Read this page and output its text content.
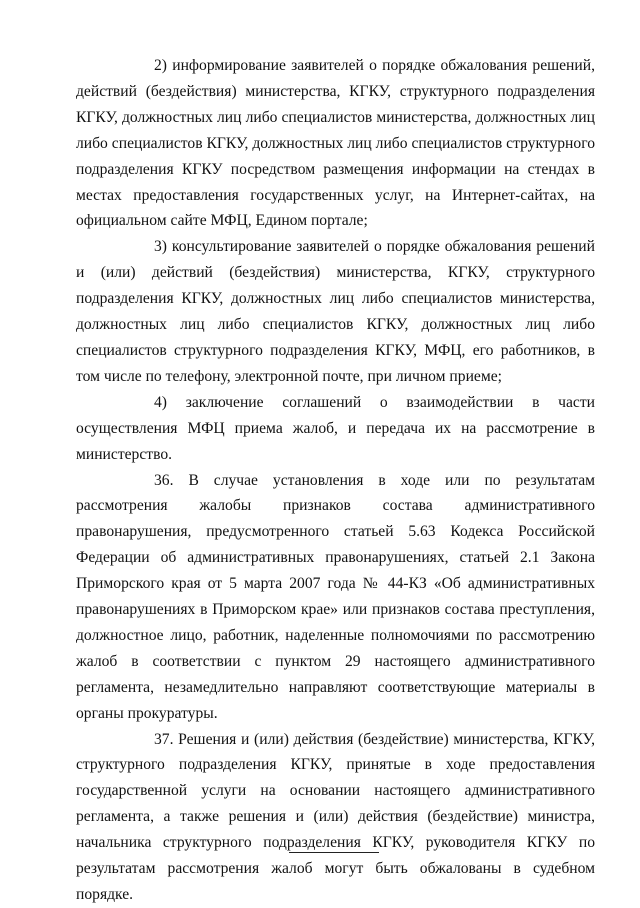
2) информирование заявителей о порядке обжалования решений, действий (бездействия) министерства, КГКУ, структурного подразделения КГКУ, должностных лиц либо специалистов министерства, должностных лиц либо специалистов КГКУ, должностных лиц либо специалистов структурного подразделения КГКУ посредством размещения информации на стендах в местах предоставления государственных услуг, на Интернет-сайтах, на официальном сайте МФЦ, Едином портале;

3) консультирование заявителей о порядке обжалования решений и (или) действий (бездействия) министерства, КГКУ, структурного подразделения КГКУ, должностных лиц либо специалистов министерства, должностных лиц либо специалистов КГКУ, должностных лиц либо специалистов структурного подразделения КГКУ, МФЦ, его работников, в том числе по телефону, электронной почте, при личном приеме;

4) заключение соглашений о взаимодействии в части осуществления МФЦ приема жалоб, и передача их на рассмотрение в министерство.

36. В случае установления в ходе или по результатам рассмотрения жалобы признаков состава административного правонарушения, предусмотренного статьей 5.63 Кодекса Российской Федерации об административных правонарушениях, статьей 2.1 Закона Приморского края от 5 марта 2007 года № 44-КЗ «Об административных правонарушениях в Приморском крае» или признаков состава преступления, должностное лицо, работник, наделенные полномочиями по рассмотрению жалоб в соответствии с пунктом 29 настоящего административного регламента, незамедлительно направляют соответствующие материалы в органы прокуратуры.

37. Решения и (или) действия (бездействие) министерства, КГКУ, структурного подразделения КГКУ, принятые в ходе предоставления государственной услуги на основании настоящего административного регламента, а также решения и (или) действия (бездействие) министра, начальника структурного подразделения КГКУ, руководителя КГКУ по результатам рассмотрения жалоб могут быть обжалованы в судебном порядке.
